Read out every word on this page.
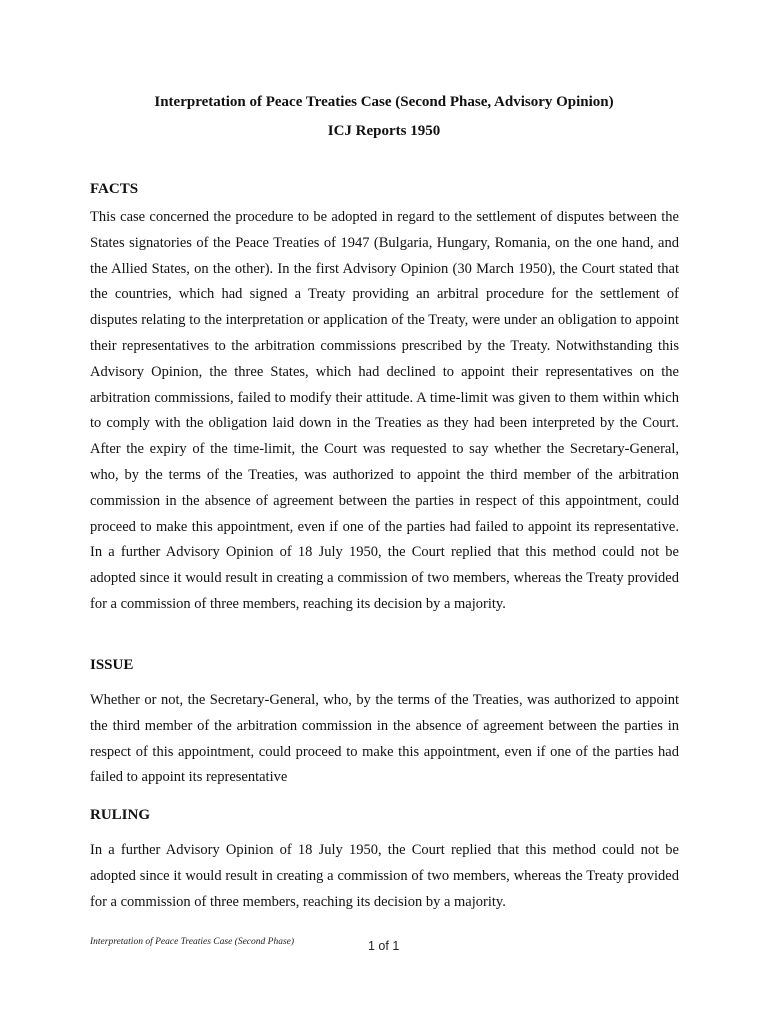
Interpretation of Peace Treaties Case (Second Phase, Advisory Opinion)
ICJ Reports 1950
FACTS

This case concerned the procedure to be adopted in regard to the settlement of disputes between the States signatories of the Peace Treaties of 1947 (Bulgaria, Hungary, Romania, on the one hand, and the Allied States, on the other). In the first Advisory Opinion (30 March 1950), the Court stated that the countries, which had signed a Treaty providing an arbitral procedure for the settlement of disputes relating to the interpretation or application of the Treaty, were under an obligation to appoint their representatives to the arbitration commissions prescribed by the Treaty. Notwithstanding this Advisory Opinion, the three States, which had declined to appoint their representatives on the arbitration commissions, failed to modify their attitude. A time-limit was given to them within which to comply with the obligation laid down in the Treaties as they had been interpreted by the Court. After the expiry of the time-limit, the Court was requested to say whether the Secretary-General, who, by the terms of the Treaties, was authorized to appoint the third member of the arbitration commission in the absence of agreement between the parties in respect of this appointment, could proceed to make this appointment, even if one of the parties had failed to appoint its representative. In a further Advisory Opinion of 18 July 1950, the Court replied that this method could not be adopted since it would result in creating a commission of two members, whereas the Treaty provided for a commission of three members, reaching its decision by a majority.

ISSUE

Whether or not, the Secretary-General, who, by the terms of the Treaties, was authorized to appoint the third member of the arbitration commission in the absence of agreement between the parties in respect of this appointment, could proceed to make this appointment, even if one of the parties had failed to appoint its representative

RULING

In a further Advisory Opinion of 18 July 1950, the Court replied that this method could not be adopted since it would result in creating a commission of two members, whereas the Treaty provided for a commission of three members, reaching its decision by a majority.

Interpretation of Peace Treaties Case (Second Phase)	1 of 1
